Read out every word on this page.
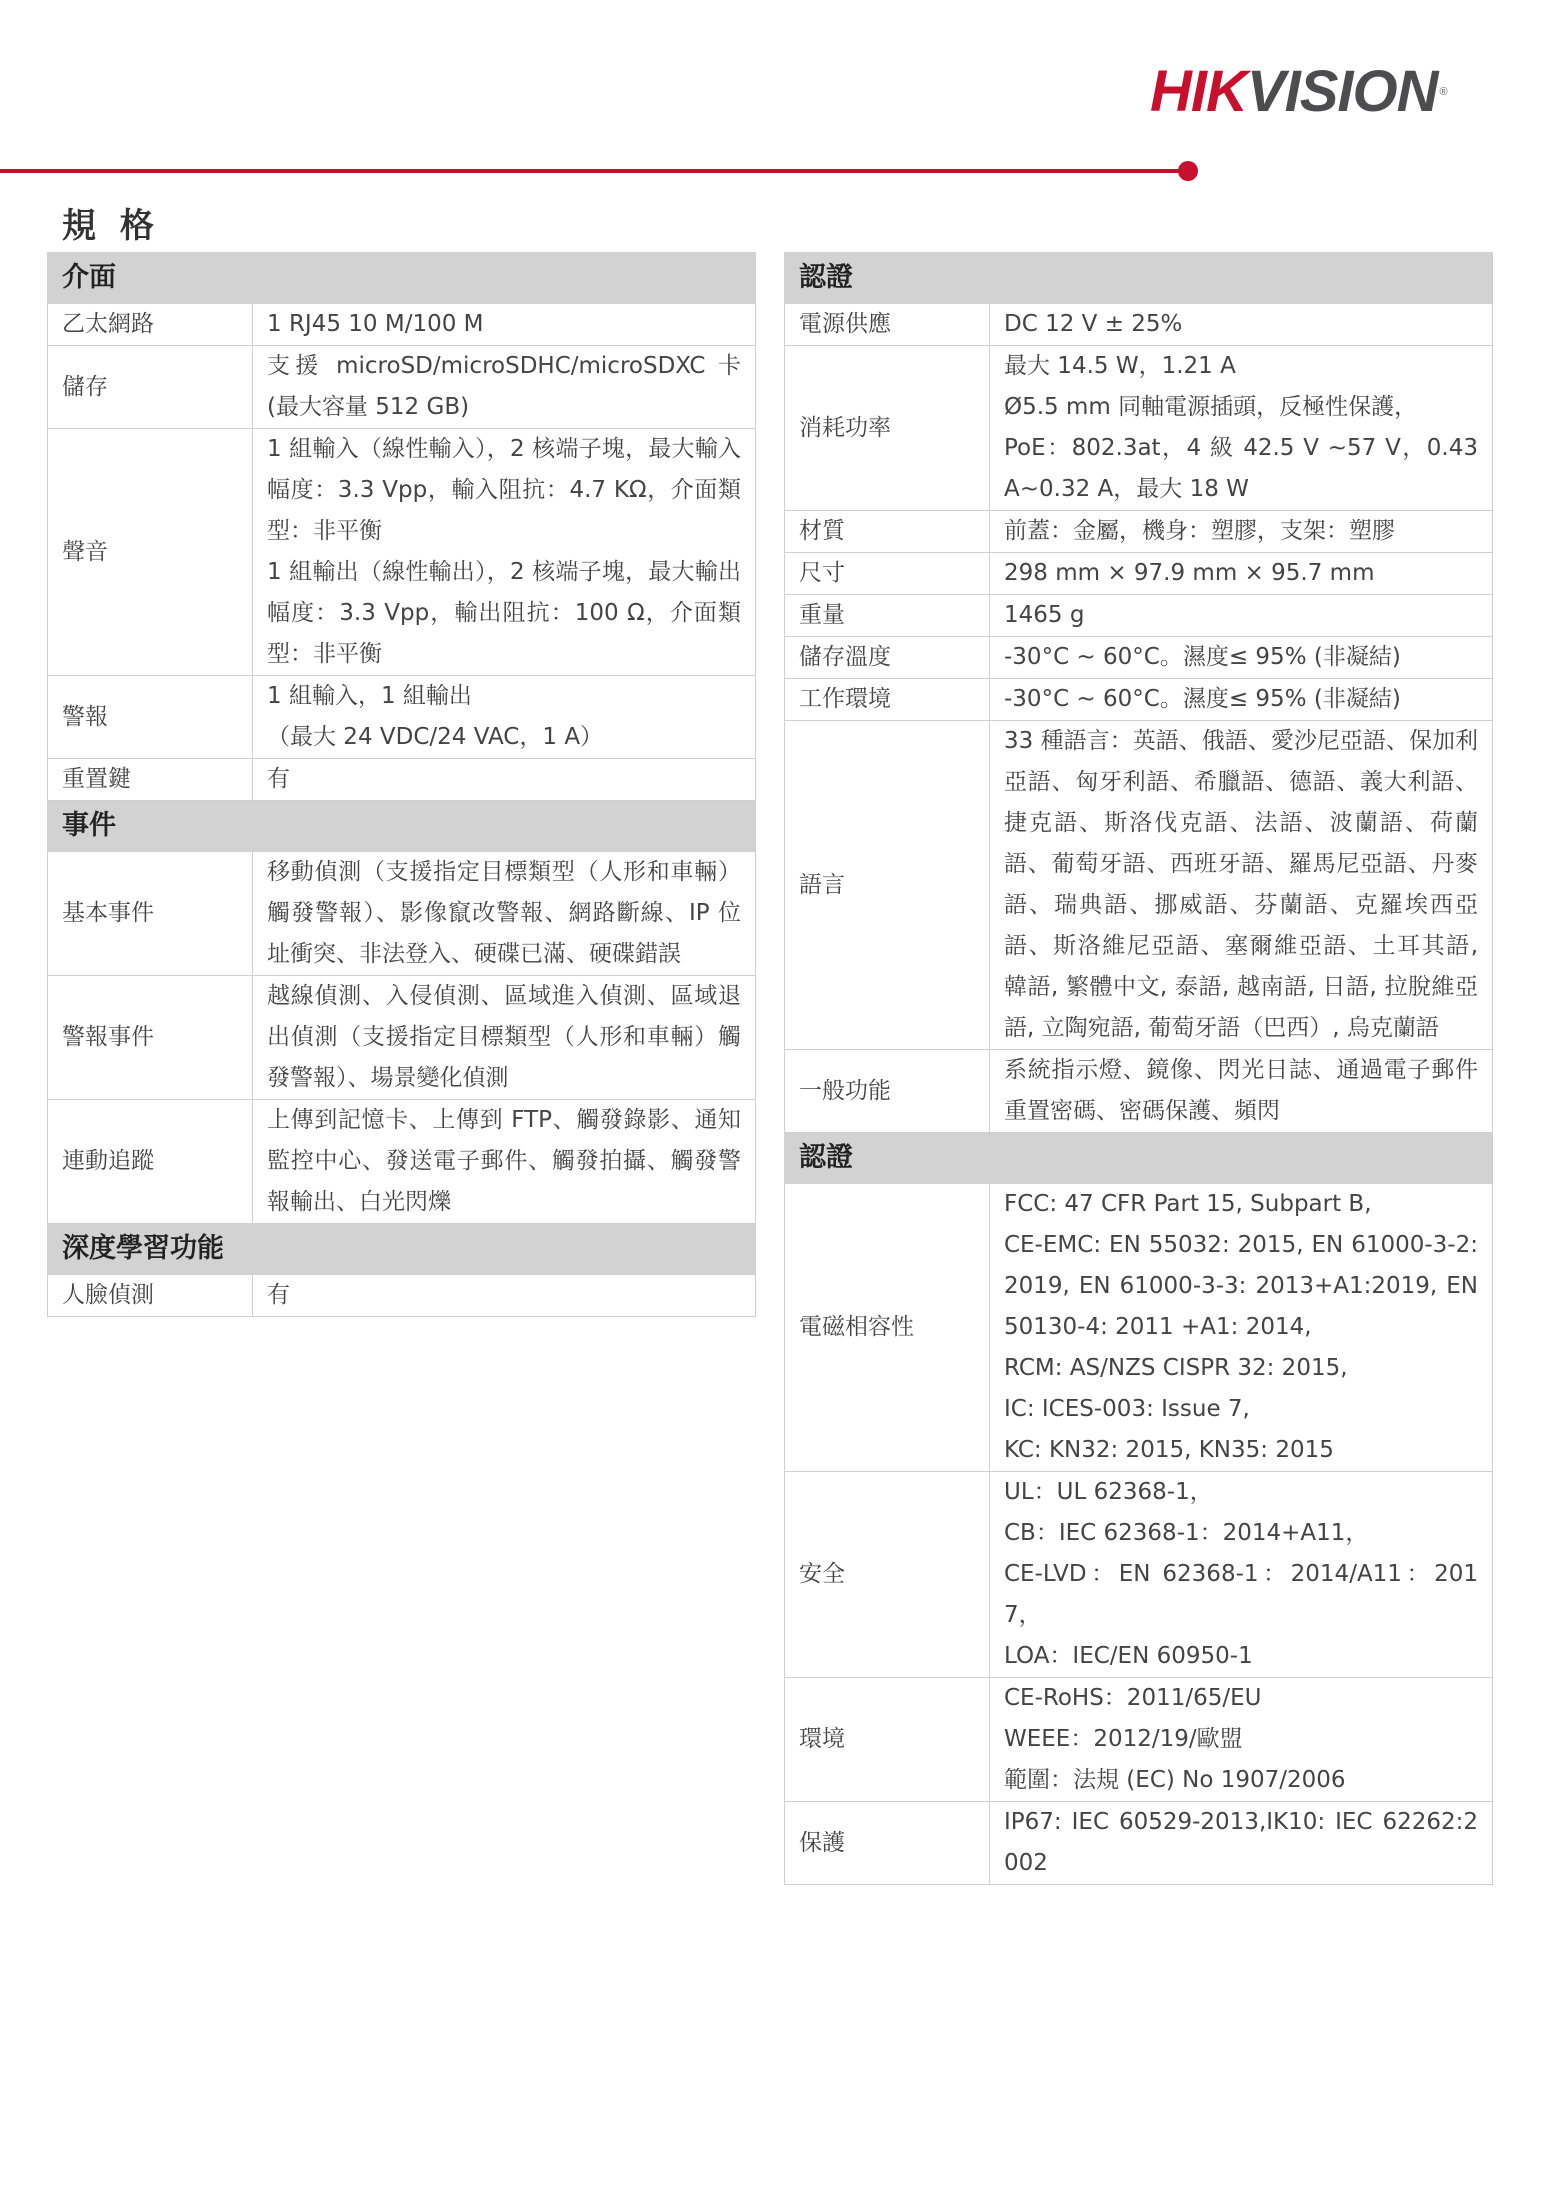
HIKVISION ®
規 格
介面	
乙太網路	1 RJ45 10 M/100 M

儲存	支援 microSD/microSDHC/microSDXC 卡 (最大容量 512 GB)

聲音	1 組輸入（線性輸入），2 核端子塊，最大輸入幅度：3.3 Vpp，輸入阻抗：4.7 KΩ，介面類型：非平衡
1 組輸出（線性輸出），2 核端子塊，最大輸出幅度：3.3 Vpp，輸出阻抗：100 Ω，介面類型：非平衡

警報	1 組輸入，1 組輸出
（最大 24 VDC/24 VAC，1 A）

重置鍵	有

事件	
基本事件	移動偵測（支援指定目標類型（人形和車輛）觸發警報）、影像竄改警報、網路斷線、IP 位址衝突、非法登入、硬碟已滿、硬碟錯誤

警報事件	越線偵測、入侵偵測、區域進入偵測、區域退出偵測（支援指定目標類型（人形和車輛）觸發警報）、場景變化偵測

連動追蹤	上傳到記憶卡、上傳到 FTP、觸發錄影、通知監控中心、發送電子郵件、觸發拍攝、觸發警報輸出、白光閃爍

深度學習功能	
人臉偵測	有
認證	
電源供應	DC 12 V ± 25%

消耗功率	最大 14.5 W，1.21 A
Ø5.5 mm 同軸電源插頭，反極性保護，
PoE：802.3at，4 級 42.5 V ~57 V，0.43 A~0.32 A，最大 18 W

材質	前蓋：金屬，機身：塑膠，支架：塑膠

尺寸	298 mm × 97.9 mm × 95.7 mm

重量	1465 g

儲存溫度	-30°C ~ 60°C。濕度≤ 95% (非凝結)

工作環境	-30°C ~ 60°C。濕度≤ 95% (非凝結)

語言	33 種語言：英語、俄語、愛沙尼亞語、保加利亞語、匈牙利語、希臘語、德語、義大利語、捷克語、斯洛伐克語、法語、波蘭語、荷蘭語、葡萄牙語、西班牙語、羅馬尼亞語、丹麥語、瑞典語、挪威語、芬蘭語、克羅埃西亞語、斯洛維尼亞語、塞爾維亞語、土耳其語, 韓語, 繁體中文, 泰語, 越南語, 日語, 拉脫維亞語, 立陶宛語, 葡萄牙語（巴西）, 烏克蘭語

一般功能	系統指示燈、鏡像、閃光日誌、通過電子郵件重置密碼、密碼保護、頻閃

認證	
電磁相容性	FCC: 47 CFR Part 15, Subpart B,
CE-EMC: EN 55032: 2015, EN 61000-3-2:2019, EN 61000-3-3: 2013+A1:2019, EN 50130-4: 2011 +A1: 2014,
RCM: AS/NZS CISPR 32: 2015,
IC: ICES-003: Issue 7,
KC: KN32: 2015, KN35: 2015

安全	UL：UL 62368-1，
CB：IEC 62368-1：2014+A11，
CE-LVD：EN 62368-1：2014/A11：2017，
LOA：IEC/EN 60950-1

環境	CE-RoHS：2011/65/EU
WEEE：2012/19/歐盟
範圍：法規 (EC) No 1907/2006

保護	IP67: IEC 60529-2013,IK10: IEC 62262:2002
